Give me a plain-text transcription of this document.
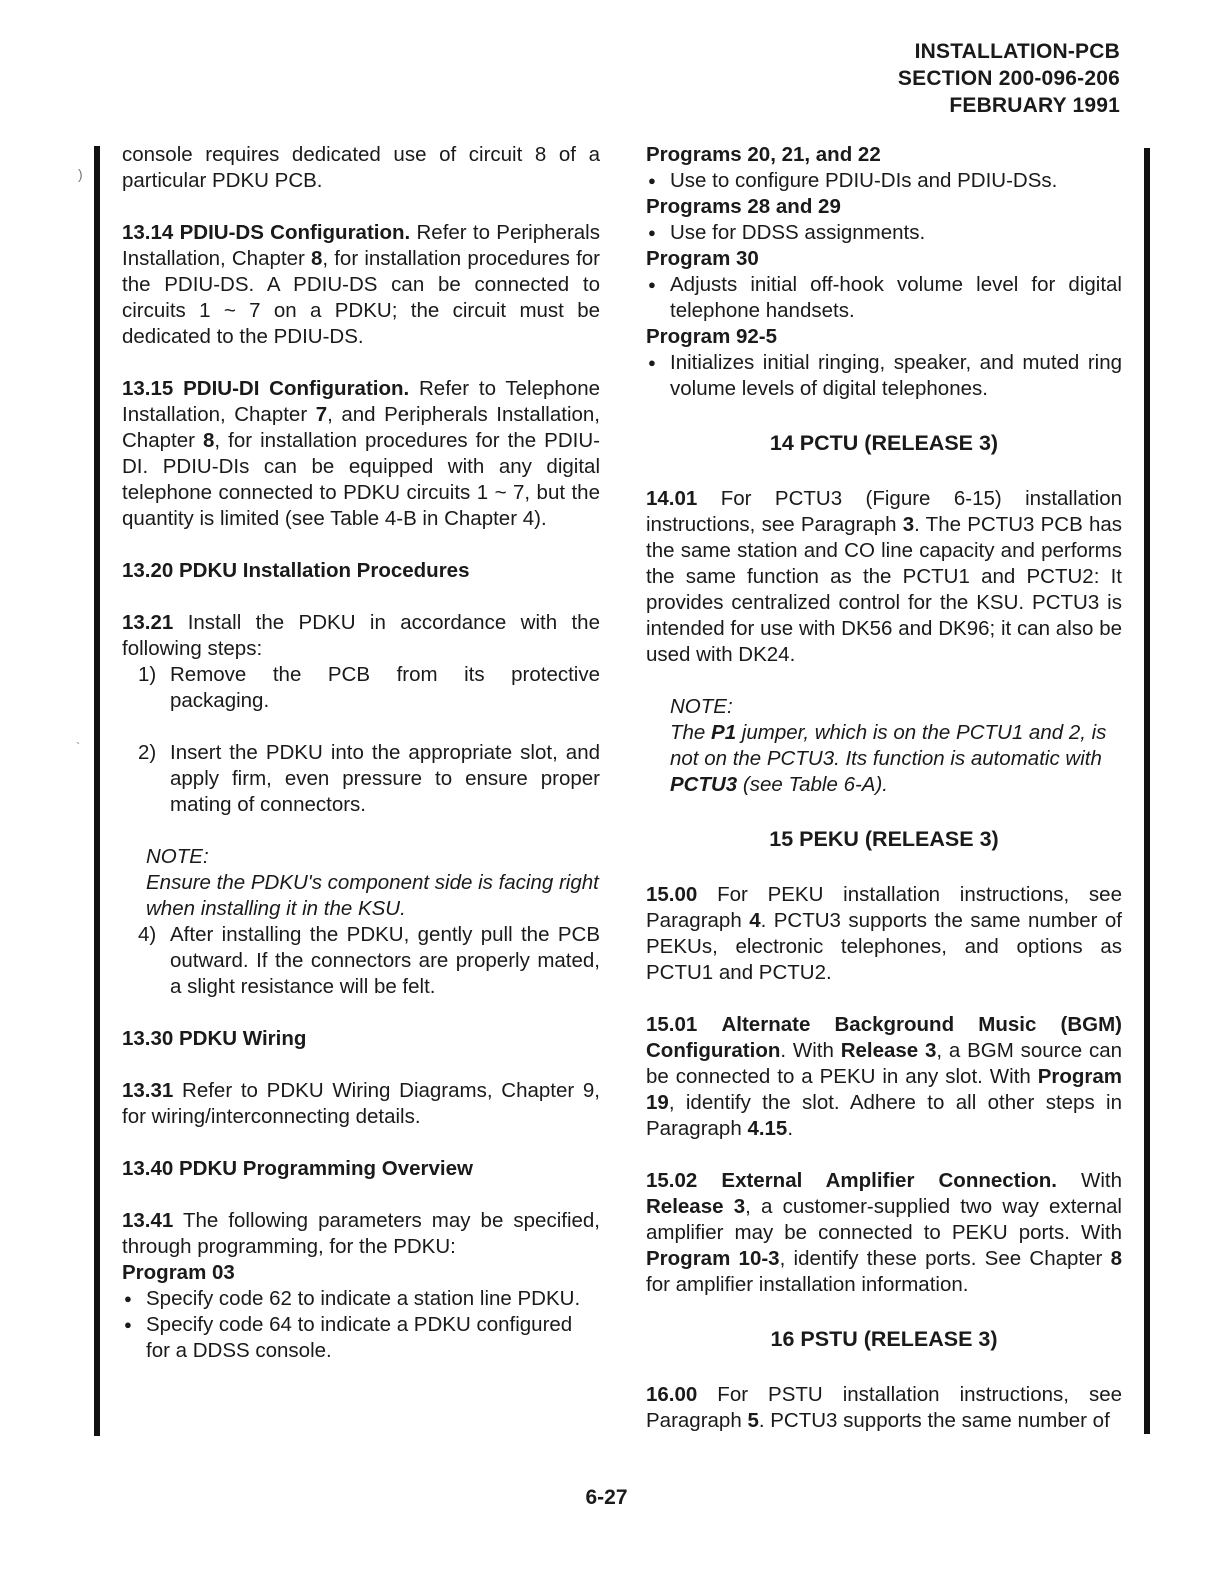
INSTALLATION-PCB
SECTION 200-096-206
FEBRUARY 1991
)
`

console requires dedicated use of circuit 8 of a particular PDKU PCB.

13.14 PDIU-DS Configuration. Refer to Peripherals Installation, Chapter 8, for installation procedures for the PDIU-DS. A PDIU-DS can be connected to circuits 1 ~ 7 on a PDKU; the circuit must be dedicated to the PDIU-DS.

13.15 PDIU-DI Configuration. Refer to Telephone Installation, Chapter 7, and Peripherals Installation, Chapter 8, for installation procedures for the PDIU-DI. PDIU-DIs can be equipped with any digital telephone connected to PDKU circuits 1 ~ 7, but the quantity is limited (see Table 4-B in Chapter 4).

13.20 PDKU Installation Procedures

13.21 Install the PDKU in accordance with the following steps:

1) Remove the PCB from its protective packaging.
2) Insert the PDKU into the appropriate slot, and apply firm, even pressure to ensure proper mating of connectors.
NOTE:
Ensure the PDKU's component side is facing right when installing it in the KSU.
4) After installing the PDKU, gently pull the PCB outward. If the connectors are properly mated, a slight resistance will be felt.

13.30 PDKU Wiring

13.31 Refer to PDKU Wiring Diagrams, Chapter 9, for wiring/interconnecting details.

13.40 PDKU Programming Overview

13.41 The following parameters may be specified, through programming, for the PDKU:

Program 03

● Specify code 62 to indicate a station line PDKU.
● Specify code 64 to indicate a PDKU configured for a DDSS console.

Programs 20, 21, and 22

● Use to configure PDIU-DIs and PDIU-DSs.

Programs 28 and 29

● Use for DDSS assignments.

Program 30

● Adjusts initial off-hook volume level for digital telephone handsets.

Program 92-5

● Initializes initial ringing, speaker, and muted ring volume levels of digital telephones.

14 PCTU (RELEASE 3)

14.01 For PCTU3 (Figure 6-15) installation instructions, see Paragraph 3. The PCTU3 PCB has the same station and CO line capacity and performs the same function as the PCTU1 and PCTU2: It provides centralized control for the KSU. PCTU3 is intended for use with DK56 and DK96; it can also be used with DK24.

NOTE:
The P1 jumper, which is on the PCTU1 and 2, is not on the PCTU3. Its function is automatic with PCTU3 (see Table 6-A).

15 PEKU (RELEASE 3)

15.00 For PEKU installation instructions, see Paragraph 4. PCTU3 supports the same number of PEKUs, electronic telephones, and options as PCTU1 and PCTU2.

15.01 Alternate Background Music (BGM) Configuration. With Release 3, a BGM source can be connected to a PEKU in any slot. With Program 19, identify the slot. Adhere to all other steps in Paragraph 4.15.

15.02 External Amplifier Connection. With Release 3, a customer-supplied two way external amplifier may be connected to PEKU ports. With Program 10-3, identify these ports. See Chapter 8 for amplifier installation information.

16 PSTU (RELEASE 3)

16.00 For PSTU installation instructions, see Paragraph 5. PCTU3 supports the same number of

6-27
